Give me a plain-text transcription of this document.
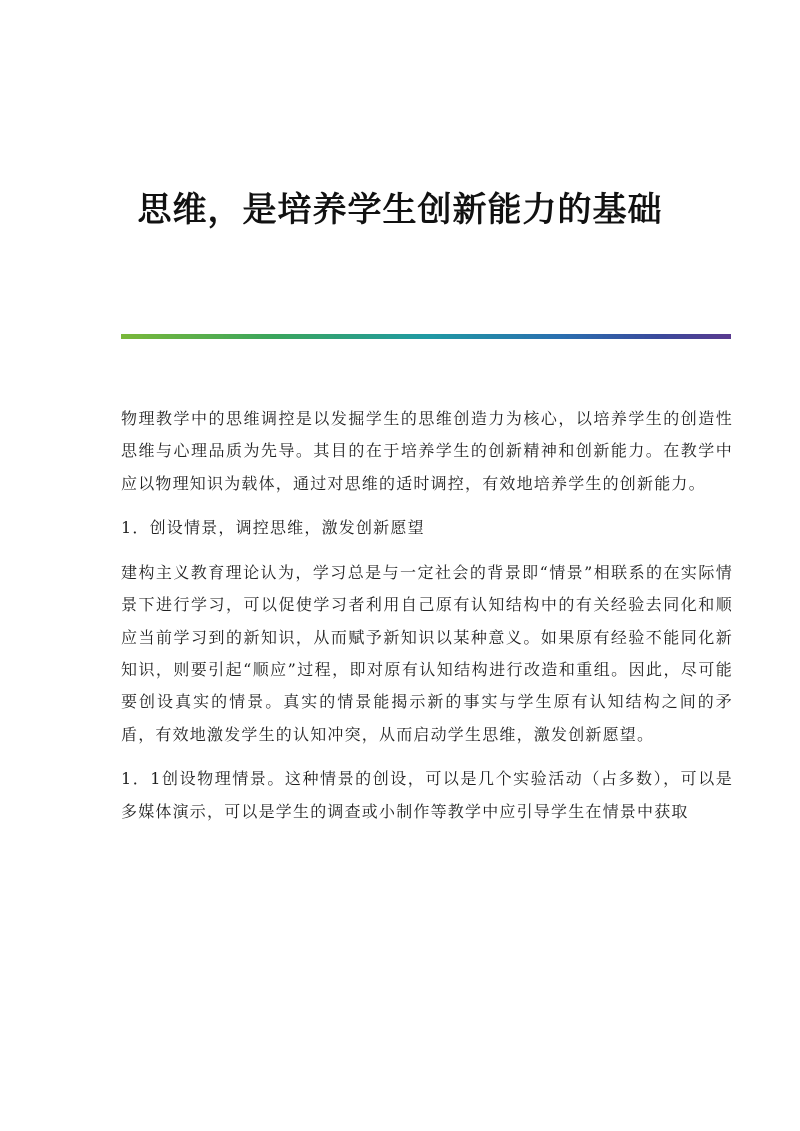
思维，是培养学生创新能力的基础

物理教学中的思维调控是以发掘学生的思维创造力为核心，以培养学生的创造性思维与心理品质为先导。其目的在于培养学生的创新精神和创新能力。在教学中应以物理知识为载体，通过对思维的适时调控，有效地培养学生的创新能力。

1．创设情景，调控思维，激发创新愿望

建构主义教育理论认为，学习总是与一定社会的背景即“情景”相联系的在实际情景下进行学习，可以促使学习者利用自己原有认知结构中的有关经验去同化和顺应当前学习到的新知识，从而赋予新知识以某种意义。如果原有经验不能同化新知识，则要引起“顺应”过程，即对原有认知结构进行改造和重组。因此，尽可能要创设真实的情景。真实的情景能揭示新的事实与学生原有认知结构之间的矛盾，有效地激发学生的认知冲突，从而启动学生思维，激发创新愿望。

1．1创设物理情景。这种情景的创设，可以是几个实验活动（占多数），可以是多媒体演示，可以是学生的调查或小制作等教学中应引导学生在情景中获取
